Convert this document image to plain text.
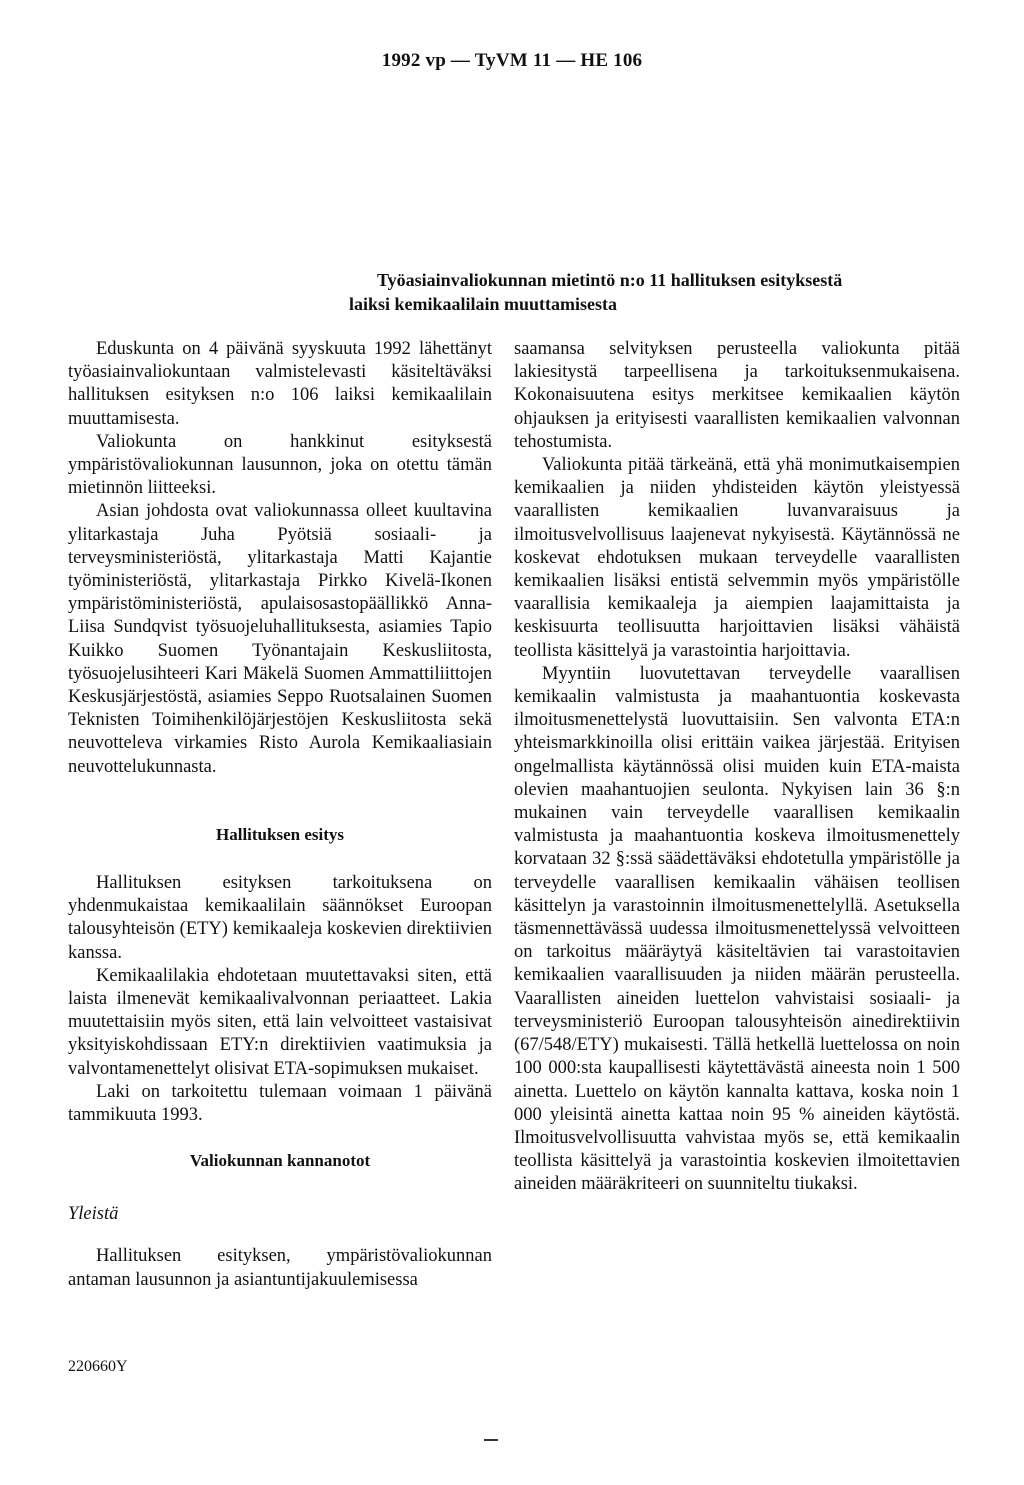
1992 vp — TyVM 11 — HE 106
Työasiainvaliokunnan mietintö n:o 11 hallituksen esityksestä
laiksi kemikaalilain muuttamisesta

Eduskunta on 4 päivänä syyskuuta 1992 lähettänyt työasiainvaliokuntaan valmistelevasti käsiteltäväksi hallituksen esityksen n:o 106 laiksi kemikaalilain muuttamisesta.

Valiokunta on hankkinut esityksestä ympäristövaliokunnan lausunnon, joka on otettu tämän mietinnön liitteeksi.

Asian johdosta ovat valiokunnassa olleet kuultavina ylitarkastaja Juha Pyötsiä sosiaali- ja terveysministeriöstä, ylitarkastaja Matti Kajantie työministeriöstä, ylitarkastaja Pirkko Kivelä-Ikonen ympäristöministeriöstä, apulaisosastopäällikkö Anna-Liisa Sundqvist työsuojeluhallituksesta, asiamies Tapio Kuikko Suomen Työnantajain Keskusliitosta, työsuojelusihteeri Kari Mäkelä Suomen Ammattiliittojen Keskusjärjestöstä, asiamies Seppo Ruotsalainen Suomen Teknisten Toimihenkilöjärjestöjen Keskusliitosta sekä neuvotteleva virkamies Risto Aurola Kemikaaliasiain neuvottelukunnasta.

Hallituksen esitys

Hallituksen esityksen tarkoituksena on yhdenmukaistaa kemikaalilain säännökset Euroopan talousyhteisön (ETY) kemikaaleja koskevien direktiivien kanssa.

Kemikaalilakia ehdotetaan muutettavaksi siten, että laista ilmenevät kemikaalivalvonnan periaatteet. Lakia muutettaisiin myös siten, että lain velvoitteet vastaisivat yksityiskohdissaan ETY:n direktiivien vaatimuksia ja valvontamenettelyt olisivat ETA-sopimuksen mukaiset.

Laki on tarkoitettu tulemaan voimaan 1 päivänä tammikuuta 1993.

Valiokunnan kannanotot
Yleistä

Hallituksen esityksen, ympäristövaliokunnan antaman lausunnon ja asiantuntijakuulemisessa

saamansa selvityksen perusteella valiokunta pitää lakiesitystä tarpeellisena ja tarkoituksenmukaisena. Kokonaisuutena esitys merkitsee kemikaalien käytön ohjauksen ja erityisesti vaarallisten kemikaalien valvonnan tehostumista.

Valiokunta pitää tärkeänä, että yhä monimutkaisempien kemikaalien ja niiden yhdisteiden käytön yleistyessä vaarallisten kemikaalien luvanvaraisuus ja ilmoitusvelvollisuus laajenevat nykyisestä. Käytännössä ne koskevat ehdotuksen mukaan terveydelle vaarallisten kemikaalien lisäksi entistä selvemmin myös ympäristölle vaarallisia kemikaaleja ja aiempien laajamittaista ja keskisuurta teollisuutta harjoittavien lisäksi vähäistä teollista käsittelyä ja varastointia harjoittavia.

Myyntiin luovutettavan terveydelle vaarallisen kemikaalin valmistusta ja maahantuontia koskevasta ilmoitusmenettelystä luovuttaisiin. Sen valvonta ETA:n yhteismarkkinoilla olisi erittäin vaikea järjestää. Erityisen ongelmallista käytännössä olisi muiden kuin ETA-maista olevien maahantuojien seulonta. Nykyisen lain 36 §:n mukainen vain terveydelle vaarallisen kemikaalin valmistusta ja maahantuontia koskeva ilmoitusmenettely korvataan 32 §:ssä säädettäväksi ehdotetulla ympäristölle ja terveydelle vaarallisen kemikaalin vähäisen teollisen käsittelyn ja varastoinnin ilmoitusmenettelyllä. Asetuksella täsmennettävässä uudessa ilmoitusmenettelyssä velvoitteen on tarkoitus määräytyä käsiteltävien tai varastoitavien kemikaalien vaarallisuuden ja niiden määrän perusteella. Vaarallisten aineiden luettelon vahvistaisi sosiaali- ja terveysministeriö Euroopan talousyhteisön ainedirektiivin (67/548/ETY) mukaisesti. Tällä hetkellä luettelossa on noin 100 000:sta kaupallisesti käytettävästä aineesta noin 1 500 ainetta. Luettelo on käytön kannalta kattava, koska noin 1 000 yleisintä ainetta kattaa noin 95 % aineiden käytöstä. Ilmoitusvelvollisuutta vahvistaa myös se, että kemikaalin teollista käsittelyä ja varastointia koskevien ilmoitettavien aineiden määräkriteeri on suunniteltu tiukaksi.

220660Y
